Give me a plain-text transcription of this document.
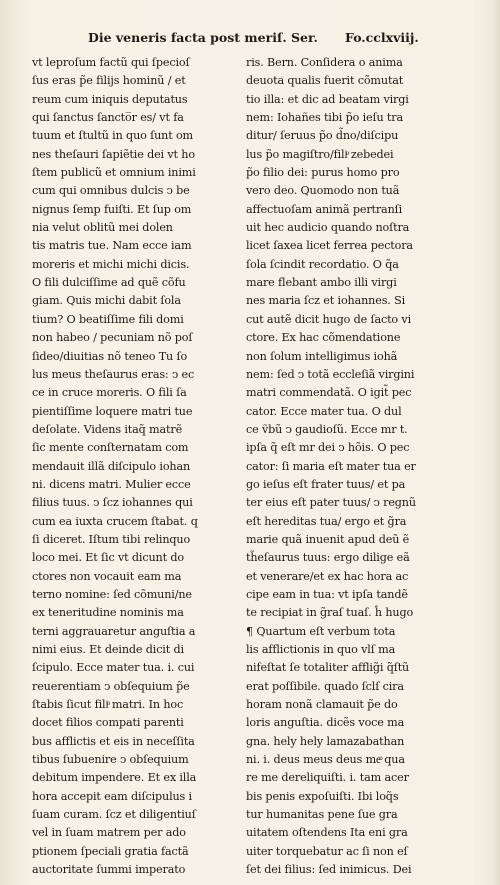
Die veneris facta post meriſ. Ser. Fo.cclxviij.
vt leproſum factũ qui ſpecioſ
ſus eras p̃e filijs hominũ / et
reum cum iniquis deputatus
qui ſanctus ſancto̅r es/ vt fa
tuum et ſtultũ in quo ſunt om
nes theſauri ſapiẽtie dei vt ho
ſtem publicũ et omnium inimi
cum qui omnibus dulcis ↄ be
nignus ſemp fuiſti. Et ſup om
nia velut oblitũ mei dolen
tis matris tue. Nam ecce iam
moreris et michi michi dicis.
O fili dulciſſime ad quẽ cõfu
giam. Quis michi dabit ſola
tium? O beatiſſime fili domi
non habeo / pecuniam nõ poſ
ſideo/diuitias nõ teneo Tu ſo
lus meus theſaurus eras: ↄ ec
ce in cruce moreris. O fili ſa
pientiſſime loquere matri tue
deſolate. Videns itaq̃ matrẽ
ſic mente conſternatam com
mendauit illã diſcipulo iohan
ni. dicens matri. Mulier ecce
filius tuus. ↄ ſcz iohannes qui
cum ea iuxta crucem ſtabat. q
ſi diceret. Iſtum tibi relinquo
loco mei. Et ſic vt dicunt do
ctores non vocauit eam ma
terno nomine: ſed cõmuni/ne
ex teneritudine nominis ma
terni aggrauaretur anguſtia a
nimi eius. Et deinde dicit di
ſcipulo. Ecce mater tua. i. cui
reuerentiam ↄ obſequium p̃e
ſtabis ſicut filiͦ matri. In hoc
docet filios compati parenti
bus afflictis et eis in neceſſita
tibus ſubuenire ↄ obſequium
debitum impendere. Et ex illa
hora accepit eam diſcipulus i
ſuam curam. ſcz et diligentiuſ
vel in ſuam matrem per ado
ptionem ſpeciali gratia factã
auctoritate ſummi imperato
ris. Bern. Conſidera o anima
deuota qualis fuerit cõmutat
tio illa: et dic ad beatam virgi
nem: Iohañes tibi p̃o ieſu tra
ditur/ ſeruus p̃o d̃no/diſcipu
lus p̃o magiſtro/filiͦ zebedei
p̃o filio dei: purus homo pro
vero deo. Quomodo non tuã
affectuoſam animã pertranſi
uit hec audicio quando noſtra
licet ſaxea licet ferrea pectora
ſola ſcindit recordatio. O q̃a
mare flebant ambo illi virgi
nes maria ſcz et iohannes. Si
cut autẽ dicit hugo de ſacto vi
ctore. Ex hac cõmendatione
non ſolum intelligimus iohã
nem: ſed ↄ totã eccleſiã virgini
matri commendatã. O igit̃ pec
cator. Ecce mater tua. O dul
ce ṽbũ ↄ gaudioſũ. Ecce mr t.
ipſa q̃ eſt mr dei ↄ hõis. O pec
cator: ſi maria eſt mater tua er
go ieſus eſt frater tuus/ et pa
ter eius eſt pater tuus/ ↄ regnũ
eſt hereditas tua/ ergo et g̃ra
marie quã inuenit apud deũ ẽ
th̃eſaurus tuus: ergo dilige eã
et venerare/et ex hac hora ac
cipe eam in tua: vt ipſa tandẽ
te recipiat in g̃raſ tuaſ. ĥ hugo
¶ Quartum eſt verbum tota
lis afflictionis in quo vlſ ma
nifeſtat ſe totaliter afflig̃i q̃ſtũ
erat poſſibile. quado ſclſ cira
horam nonã clamauit p̃e do
loris anguſtia. dicẽs voce ma
gna. hely hely lamazabathan
ni. i. deus meus deus meͦ qua
re me dereliquiſti. i. tam acer
bis penis expoſuiſti. Ibi loq̃s
tur humanitas pene ſue gra
uitatem oſtendens Ita eni gra
uiter torquebatur ac ſi non eſ
ſet dei filius: ſed inimicus. Dei
